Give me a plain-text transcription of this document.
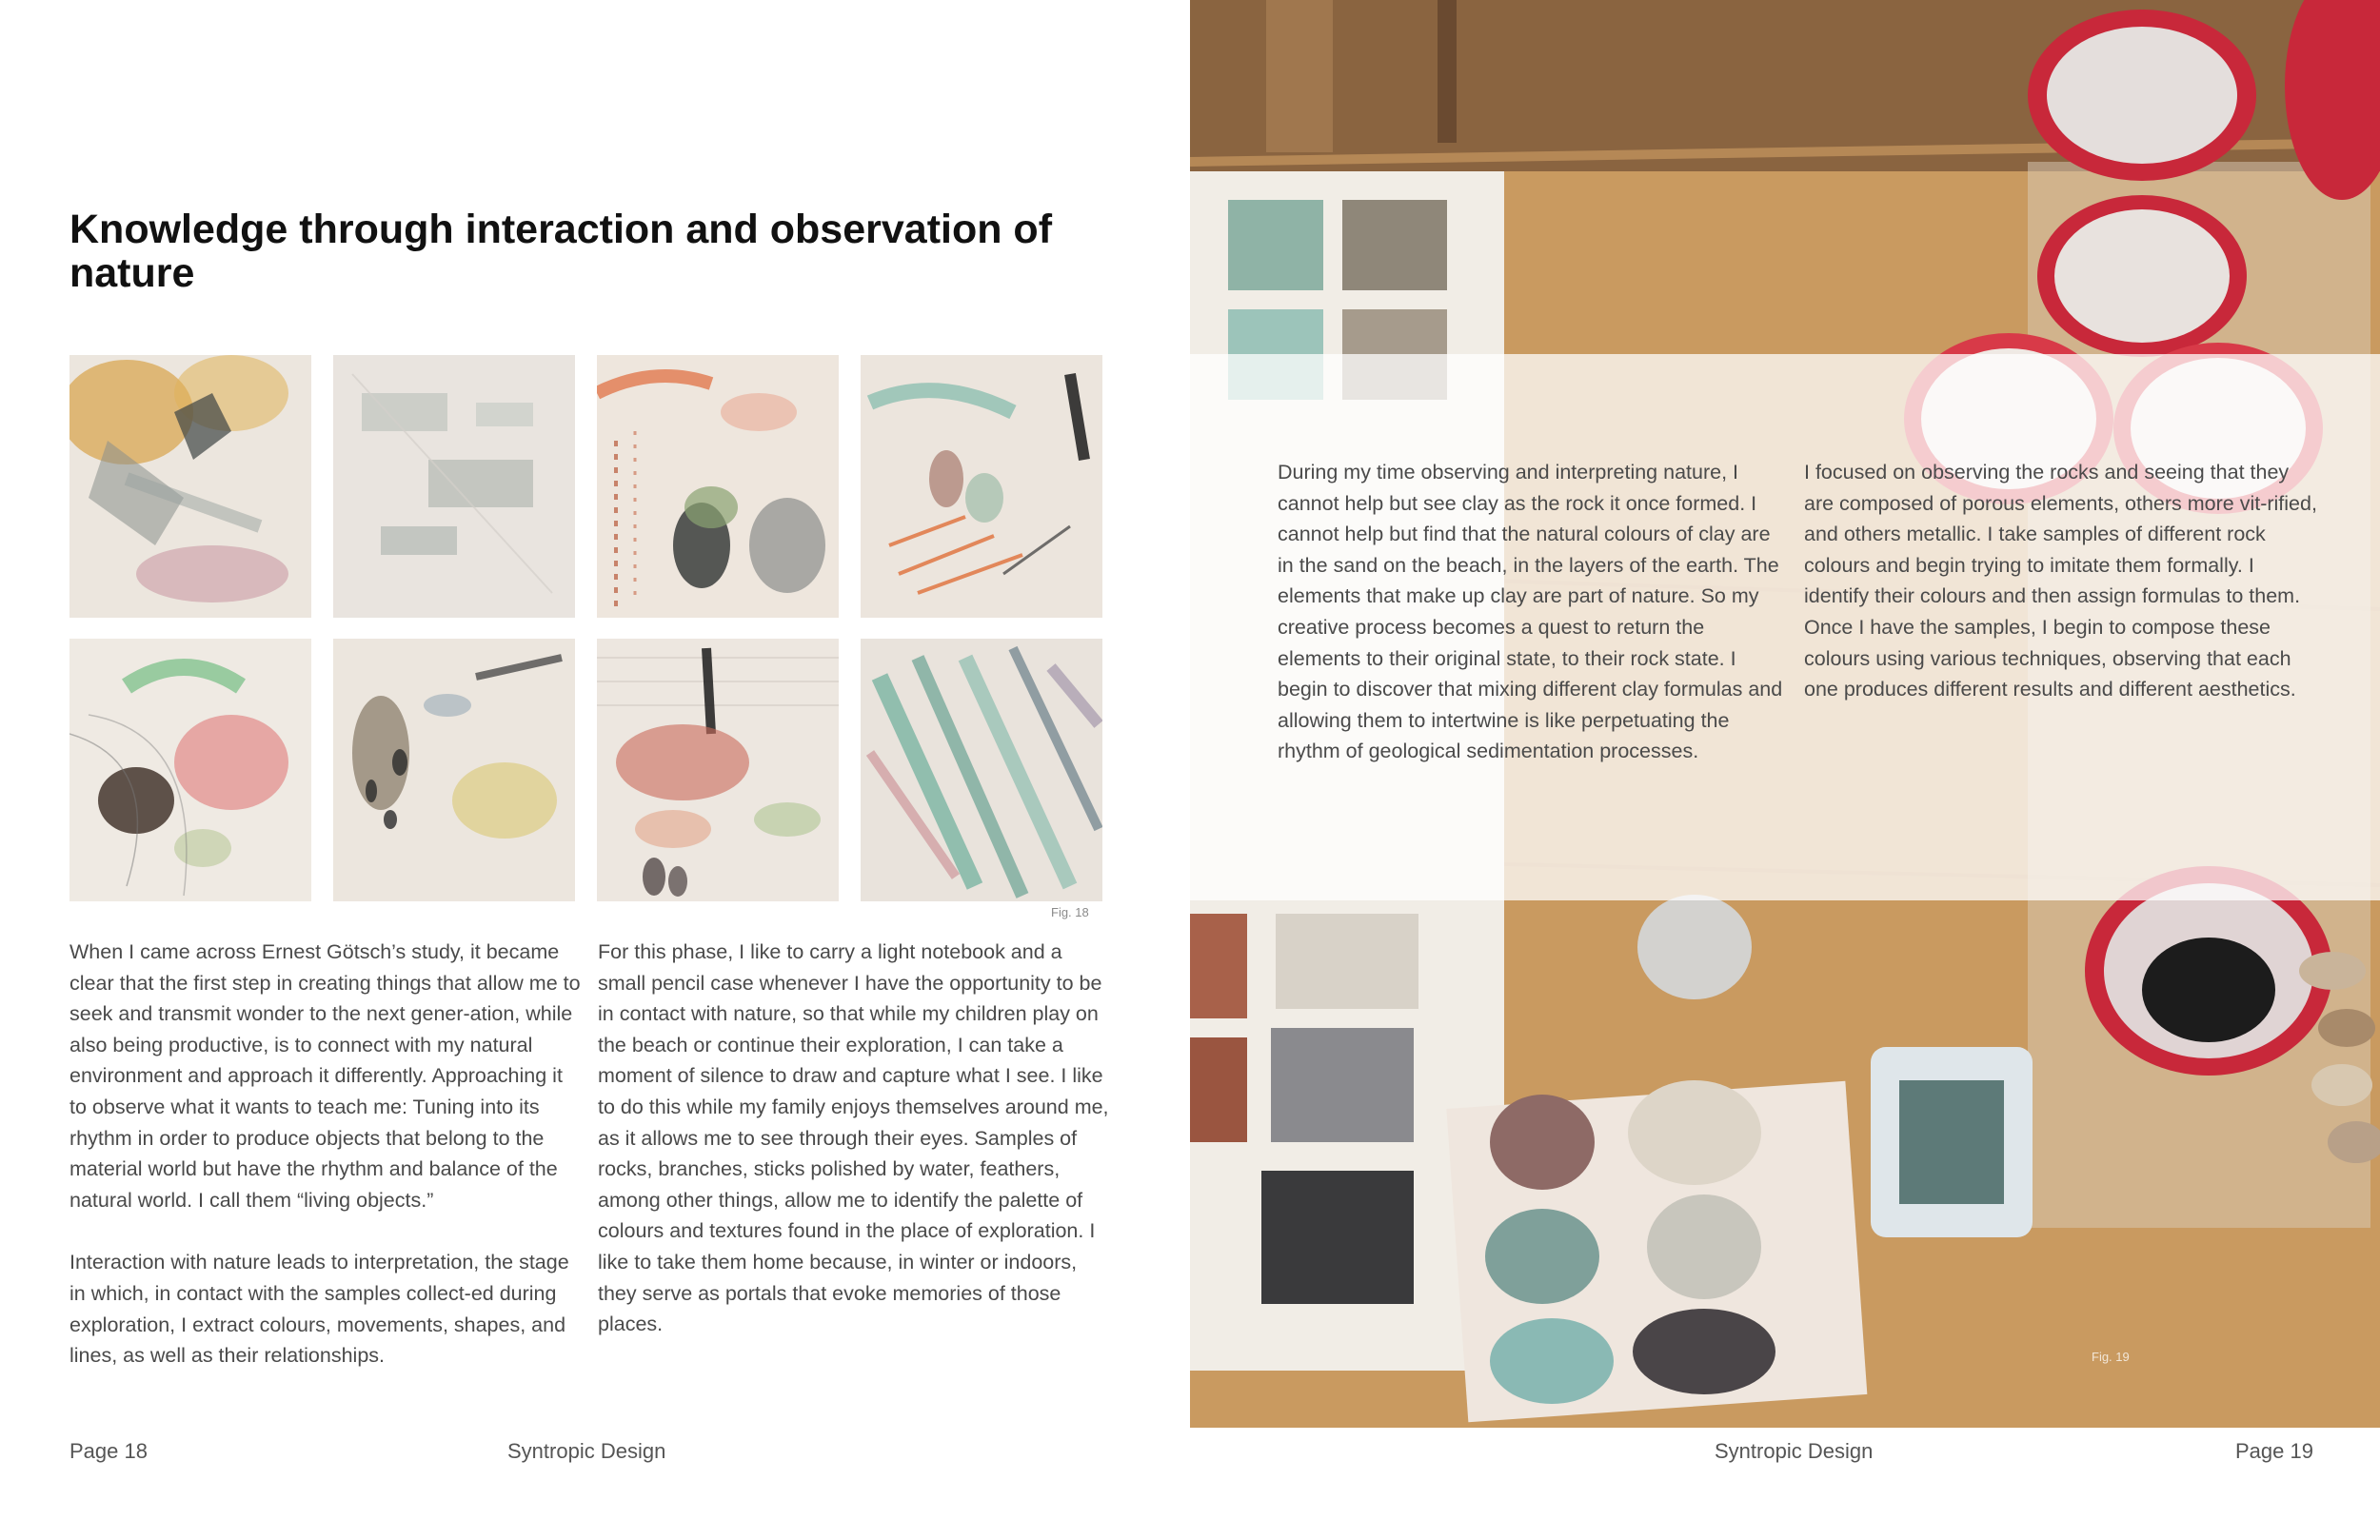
Knowledge through interaction and observation of nature
Fig. 18

When I came across Ernest Götsch’s study, it became clear that the first step in creating things that allow me to seek and transmit wonder to the next gener-ation, while also being productive, is to connect with my natural environment and approach it differently. Approaching it to observe what it wants to teach me: Tuning into its rhythm in order to produce objects that belong to the material world but have the rhythm and balance of the natural world. I call them “living objects.”

Interaction with nature leads to interpretation, the stage in which, in contact with the samples collect-ed during exploration, I extract colours, movements, shapes, and lines, as well as their relationships.

For this phase, I like to carry a light notebook and a small pencil case whenever I have the opportunity to be in contact with nature, so that while my children play on the beach or continue their exploration, I can take a moment of silence to draw and capture what I see. I like to do this while my family enjoys themselves around me, as it allows me to see through their eyes. Samples of rocks, branches, sticks polished by water, feathers, among other things, allow me to identify the palette of colours and textures found in the place of exploration. I like to take them home because, in winter or indoors, they serve as portals that evoke memories of those places.

Page 18	Syntropic Design

During my time observing and interpreting nature, I cannot help but see clay as the rock it once formed. I cannot help but find that the natural colours of clay are in the sand on the beach, in the layers of the earth. The elements that make up clay are part of nature. So my creative process becomes a quest to return the elements to their original state, to their rock state. I begin to discover that mixing different clay formulas and allowing them to intertwine is like perpetuating the rhythm of geological sedimentation processes.

I focused on observing the rocks and seeing that they are composed of porous elements, others more vit-rified, and others metallic. I take samples of different rock colours and begin trying to imitate them formally. I identify their colours and then assign formulas to them. Once I have the samples, I begin to compose these colours using various techniques, observing that each one produces different results and different aesthetics.

Fig. 19
Syntropic Design	Page 19
